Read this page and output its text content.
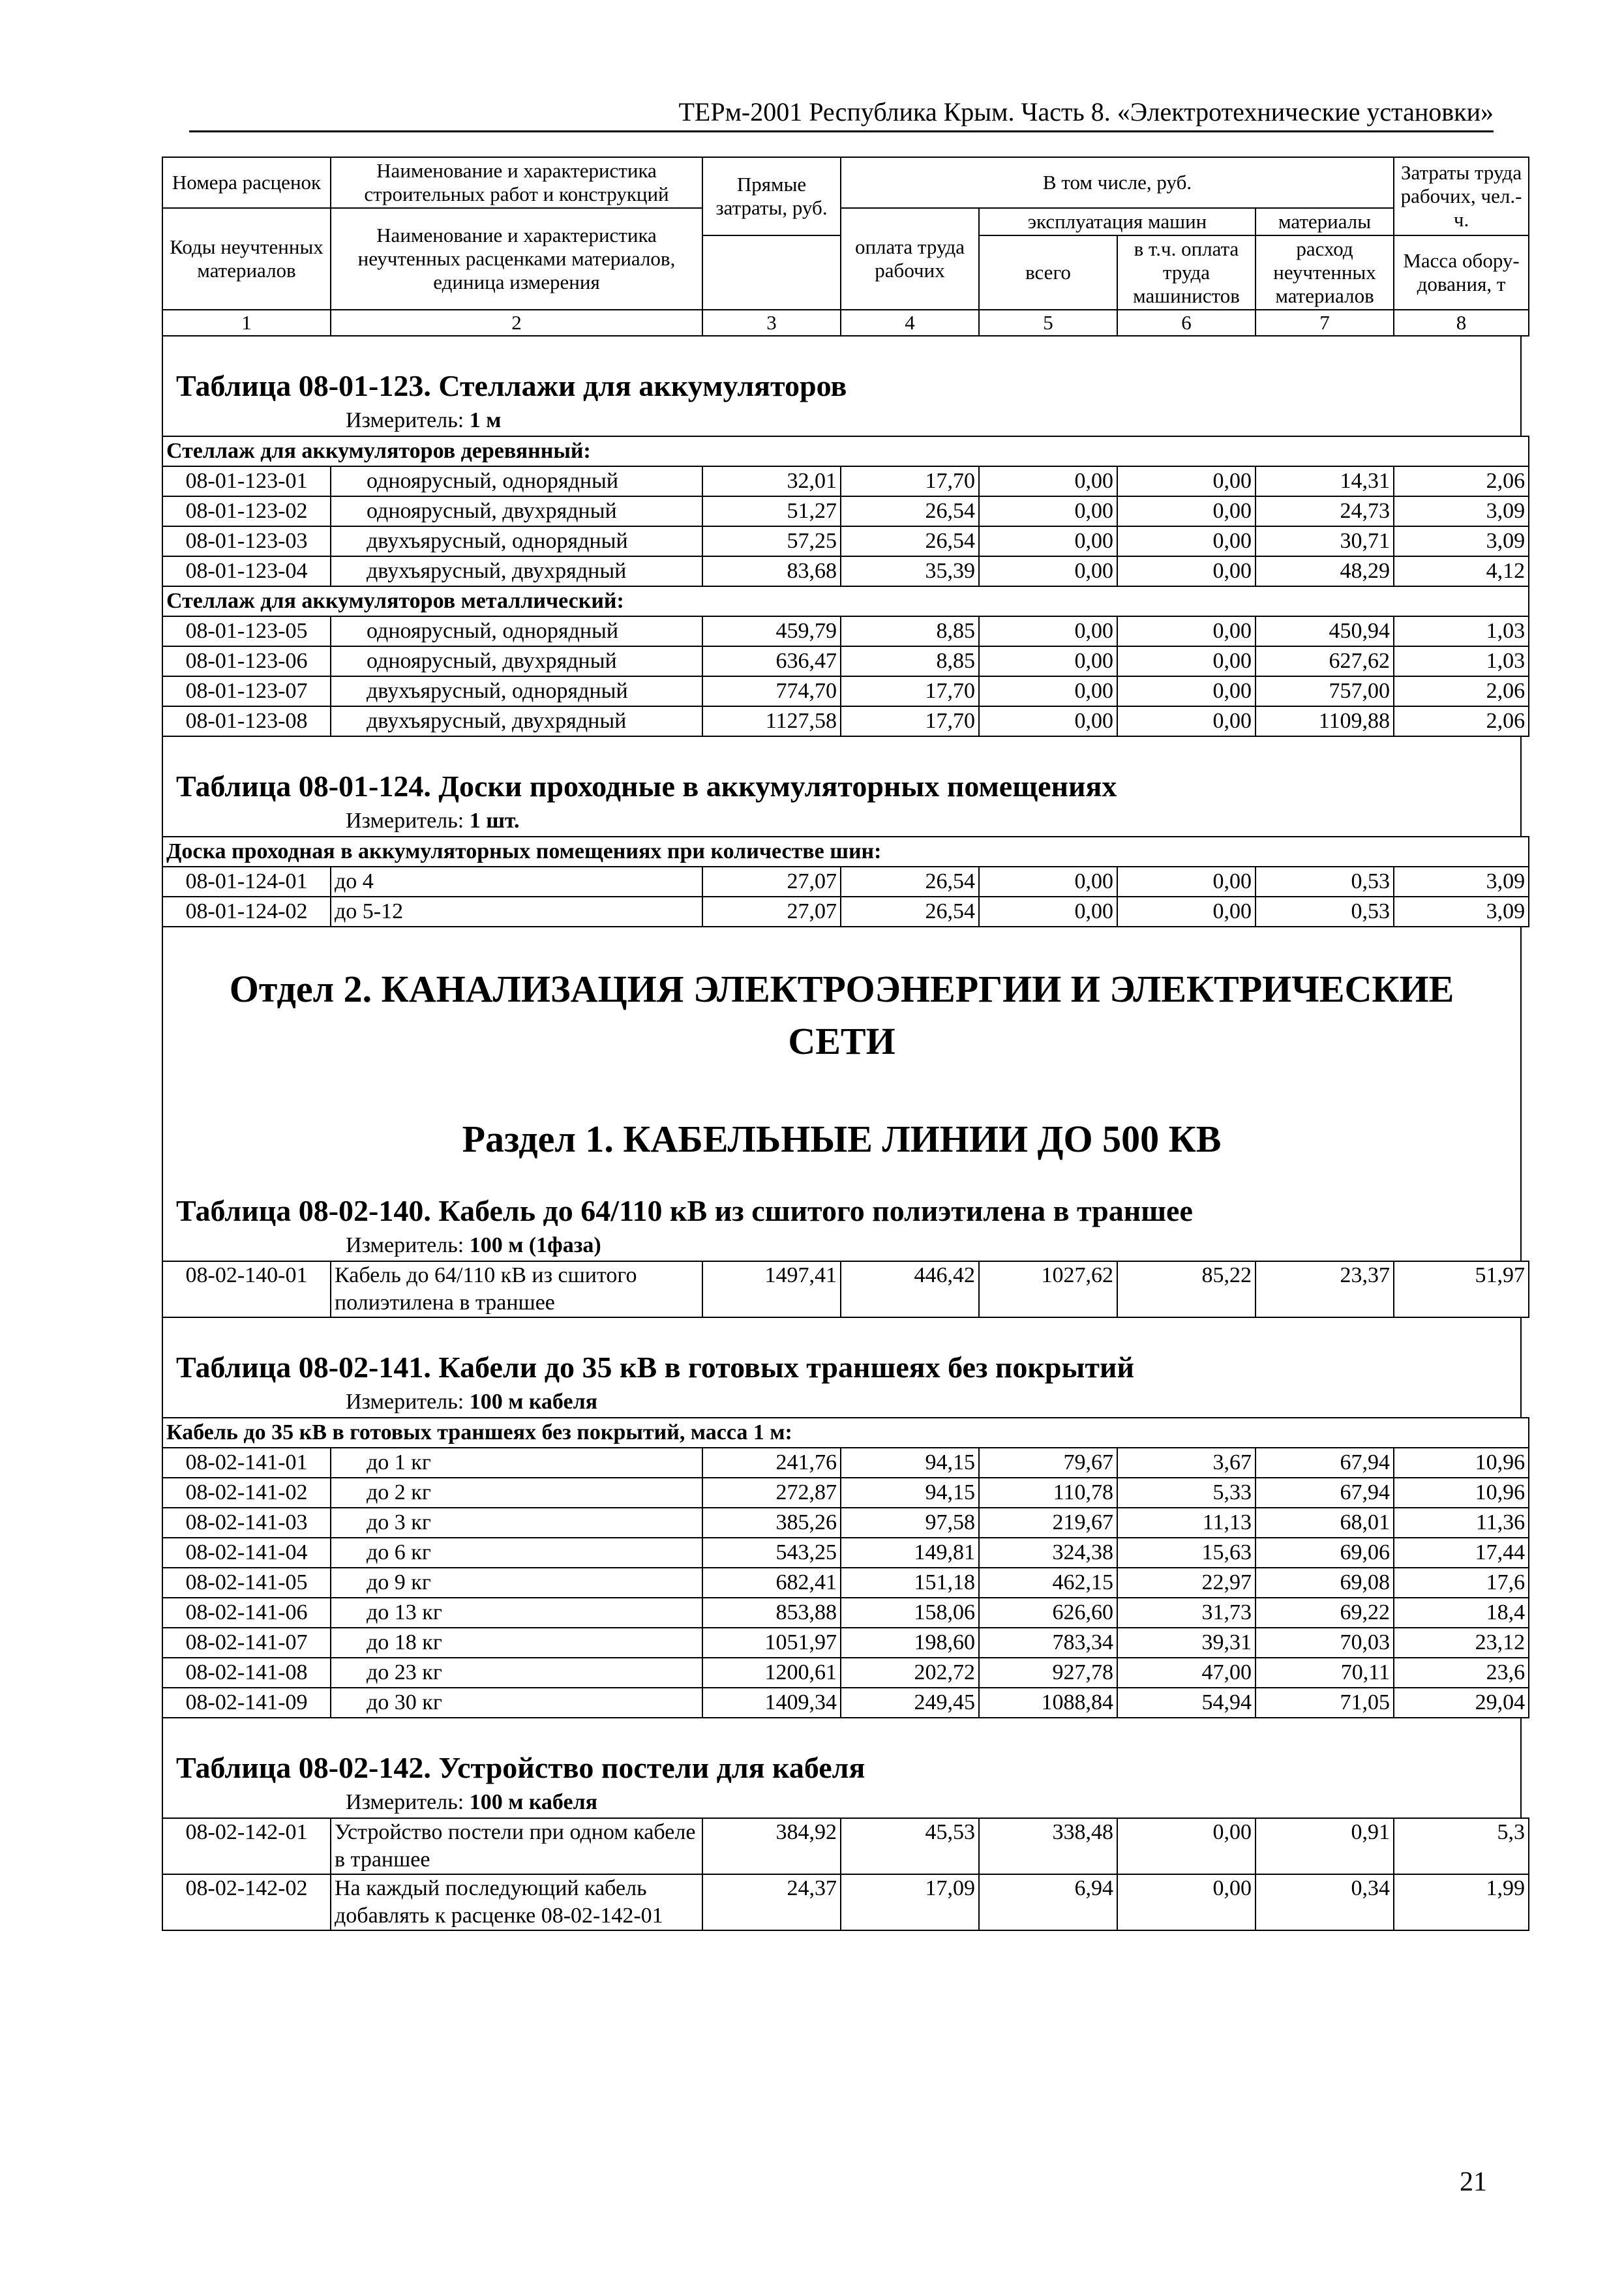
ТЕРм-2001 Республика Крым. Часть 8. «Электротехнические установки»
Номера расценок	Наименование и характеристика строительных работ и конструкций	Прямые затраты, руб.	В том числе, руб.				Затраты труда рабочих, чел.-ч.
Коды неучтенных материалов	Наименование и характеристика неучтенных расценками материалов, единица измерения		оплата труда рабочих	эксплуатация машин		материалы	
				всего	в т.ч. оплата труда машинистов	расход неучтенных материалов	Масса обору-дования, т

1	2	3	4	5	6	7	8
Таблица 08-01-123. Стеллажи для аккумуляторов
Измеритель: 1 м
Стеллаж для аккумуляторов деревянный:							
08-01-123-01	одноярусный, однорядный	32,01	17,70	0,00	0,00	14,31	2,06
08-01-123-02	одноярусный, двухрядный	51,27	26,54	0,00	0,00	24,73	3,09
08-01-123-03	двухъярусный, однорядный	57,25	26,54	0,00	0,00	30,71	3,09
08-01-123-04	двухъярусный, двухрядный	83,68	35,39	0,00	0,00	48,29	4,12
Стеллаж для аккумуляторов металлический:							
08-01-123-05	одноярусный, однорядный	459,79	8,85	0,00	0,00	450,94	1,03
08-01-123-06	одноярусный, двухрядный	636,47	8,85	0,00	0,00	627,62	1,03
08-01-123-07	двухъярусный, однорядный	774,70	17,70	0,00	0,00	757,00	2,06
08-01-123-08	двухъярусный, двухрядный	1127,58	17,70	0,00	0,00	1109,88	2,06
Таблица 08-01-124. Доски проходные в аккумуляторных помещениях
Измеритель: 1 шт.
Доска проходная в аккумуляторных помещениях при количестве шин:							
08-01-124-01	до 4	27,07	26,54	0,00	0,00	0,53	3,09
08-01-124-02	до 5-12	27,07	26,54	0,00	0,00	0,53	3,09
Отдел 2. КАНАЛИЗАЦИЯ ЭЛЕКТРОЭНЕРГИИ И ЭЛЕКТРИЧЕСКИЕ СЕТИ
Раздел 1. КАБЕЛЬНЫЕ ЛИНИИ ДО 500 КВ
Таблица 08-02-140. Кабель до 64/110 кВ из сшитого полиэтилена в траншее
Измеритель: 100 м (1фаза)
08-02-140-01	Кабель до 64/110 кВ из сшитого полиэтилена в траншее	1497,41	446,42	1027,62	85,22	23,37	51,97
Таблица 08-02-141. Кабели до 35 кВ в готовых траншеях без покрытий
Измеритель: 100 м кабеля
Кабель до 35 кВ в готовых траншеях без покрытий, масса 1 м:							
08-02-141-01	до 1 кг	241,76	94,15	79,67	3,67	67,94	10,96
08-02-141-02	до 2 кг	272,87	94,15	110,78	5,33	67,94	10,96
08-02-141-03	до 3 кг	385,26	97,58	219,67	11,13	68,01	11,36
08-02-141-04	до 6 кг	543,25	149,81	324,38	15,63	69,06	17,44
08-02-141-05	до 9 кг	682,41	151,18	462,15	22,97	69,08	17,6
08-02-141-06	до 13 кг	853,88	158,06	626,60	31,73	69,22	18,4
08-02-141-07	до 18 кг	1051,97	198,60	783,34	39,31	70,03	23,12
08-02-141-08	до 23 кг	1200,61	202,72	927,78	47,00	70,11	23,6
08-02-141-09	до 30 кг	1409,34	249,45	1088,84	54,94	71,05	29,04
Таблица 08-02-142. Устройство постели для кабеля
Измеритель: 100 м кабеля
08-02-142-01	Устройство постели при одном кабеле в траншее	384,92	45,53	338,48	0,00	0,91	5,3
08-02-142-02	На каждый последующий кабель добавлять к расценке 08-02-142-01	24,37	17,09	6,94	0,00	0,34	1,99
21
